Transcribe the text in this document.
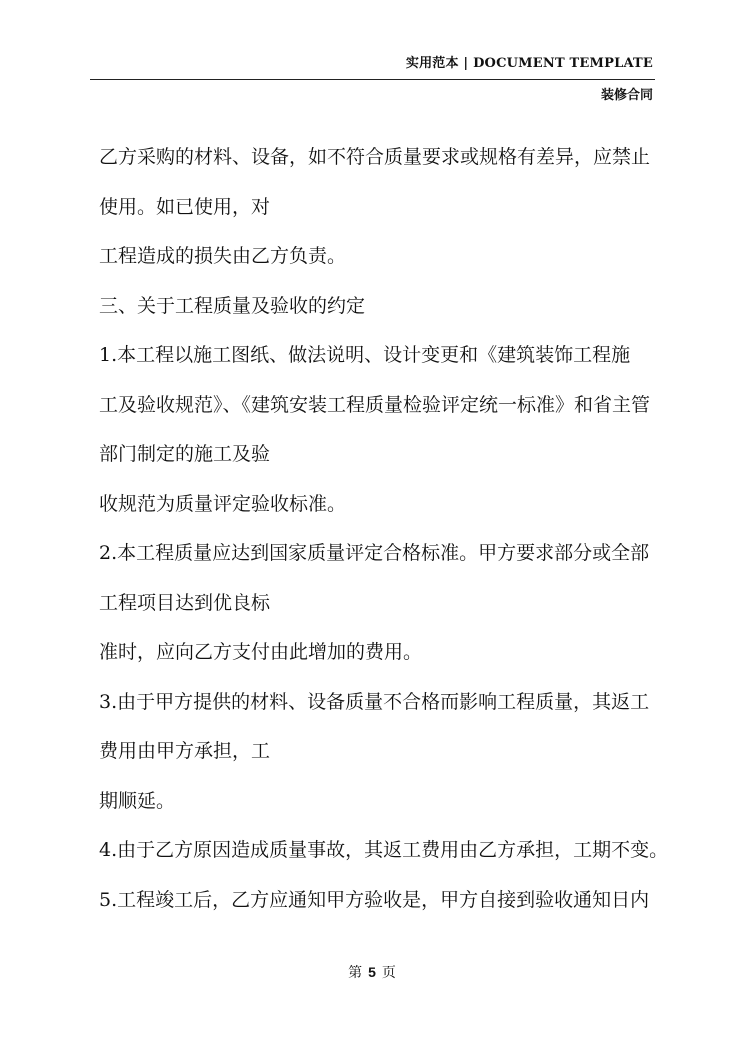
实用范本 | DOCUMENT TEMPLATE
装修合同
乙方采购的材料、设备，如不符合质量要求或规格有差异，应禁止
使用。如已使用，对
工程造成的损失由乙方负责。
三、关于工程质量及验收的约定
1.本工程以施工图纸、做法说明、设计变更和《建筑装饰工程施
工及验收规范》、《建筑安装工程质量检验评定统一标准》和省主管
部门制定的施工及验
收规范为质量评定验收标准。
2.本工程质量应达到国家质量评定合格标准。甲方要求部分或全部
工程项目达到优良标
准时，应向乙方支付由此增加的费用。
3.由于甲方提供的材料、设备质量不合格而影响工程质量，其返工
费用由甲方承担，工
期顺延。
4.由于乙方原因造成质量事故，其返工费用由乙方承担，工期不变。
5.工程竣工后，乙方应通知甲方验收是，甲方自接到验收通知日内
第 5 页
